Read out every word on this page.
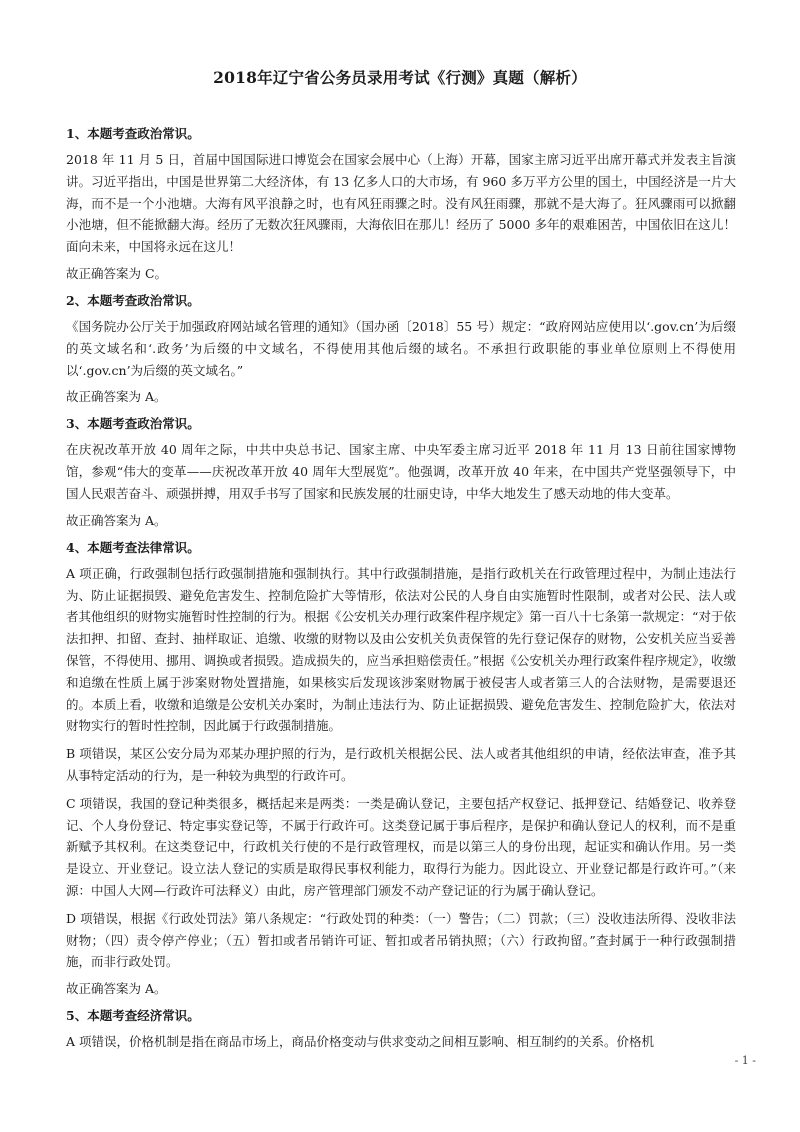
2018年辽宁省公务员录用考试《行测》真题（解析）

1、本题考查政治常识。

2018 年 11 月 5 日，首届中国国际进口博览会在国家会展中心（上海）开幕，国家主席习近平出席开幕式并发表主旨演讲。习近平指出，中国是世界第二大经济体，有 13 亿多人口的大市场，有 960 多万平方公里的国土，中国经济是一片大海，而不是一个小池塘。大海有风平浪静之时，也有风狂雨骤之时。没有风狂雨骤，那就不是大海了。狂风骤雨可以掀翻小池塘，但不能掀翻大海。经历了无数次狂风骤雨，大海依旧在那儿！经历了 5000 多年的艰难困苦，中国依旧在这儿！面向未来，中国将永远在这儿！

故正确答案为 C。

2、本题考查政治常识。

《国务院办公厅关于加强政府网站域名管理的通知》（国办函〔2018〕55 号）规定：“政府网站应使用以‘.gov.cn’为后缀的英文域名和‘.政务’为后缀的中文域名，不得使用其他后缀的域名。不承担行政职能的事业单位原则上不得使用以‘.gov.cn’为后缀的英文域名。”

故正确答案为 A。

3、本题考查政治常识。

在庆祝改革开放 40 周年之际，中共中央总书记、国家主席、中央军委主席习近平 2018 年 11 月 13 日前往国家博物馆，参观“伟大的变革——庆祝改革开放 40 周年大型展览”。他强调，改革开放 40 年来，在中国共产党坚强领导下，中国人民艰苦奋斗、顽强拼搏，用双手书写了国家和民族发展的壮丽史诗，中华大地发生了感天动地的伟大变革。

故正确答案为 A。

4、本题考查法律常识。

A 项正确，行政强制包括行政强制措施和强制执行。其中行政强制措施，是指行政机关在行政管理过程中，为制止违法行为、防止证据损毁、避免危害发生、控制危险扩大等情形，依法对公民的人身自由实施暂时性限制，或者对公民、法人或者其他组织的财物实施暂时性控制的行为。根据《公安机关办理行政案件程序规定》第一百八十七条第一款规定：“对于依法扣押、扣留、查封、抽样取证、追缴、收缴的财物以及由公安机关负责保管的先行登记保存的财物，公安机关应当妥善保管，不得使用、挪用、调换或者损毁。造成损失的，应当承担赔偿责任。”根据《公安机关办理行政案件程序规定》，收缴和追缴在性质上属于涉案财物处置措施，如果核实后发现该涉案财物属于被侵害人或者第三人的合法财物，是需要退还的。本质上看，收缴和追缴是公安机关办案时，为制止违法行为、防止证据损毁、避免危害发生、控制危险扩大，依法对财物实行的暂时性控制，因此属于行政强制措施。

B 项错误，某区公安分局为邓某办理护照的行为，是行政机关根据公民、法人或者其他组织的申请，经依法审查，准予其从事特定活动的行为，是一种较为典型的行政许可。

C 项错误，我国的登记种类很多，概括起来是两类：一类是确认登记，主要包括产权登记、抵押登记、结婚登记、收养登记、个人身份登记、特定事实登记等，不属于行政许可。这类登记属于事后程序，是保护和确认登记人的权利，而不是重新赋予其权利。在这类登记中，行政机关行使的不是行政管理权，而是以第三人的身份出现，起证实和确认作用。另一类是设立、开业登记。设立法人登记的实质是取得民事权利能力，取得行为能力。因此设立、开业登记都是行政许可。”（来源：中国人大网—行政许可法释义）由此，房产管理部门颁发不动产登记证的行为属于确认登记。

D 项错误，根据《行政处罚法》第八条规定：“行政处罚的种类：（一）警告；（二）罚款；（三）没收违法所得、没收非法财物；（四）责令停产停业；（五）暂扣或者吊销许可证、暂扣或者吊销执照；（六）行政拘留。”查封属于一种行政强制措施，而非行政处罚。

故正确答案为 A。

5、本题考查经济常识。

A 项错误，价格机制是指在商品市场上，商品价格变动与供求变动之间相互影响、相互制约的关系。价格机

- 1 -
